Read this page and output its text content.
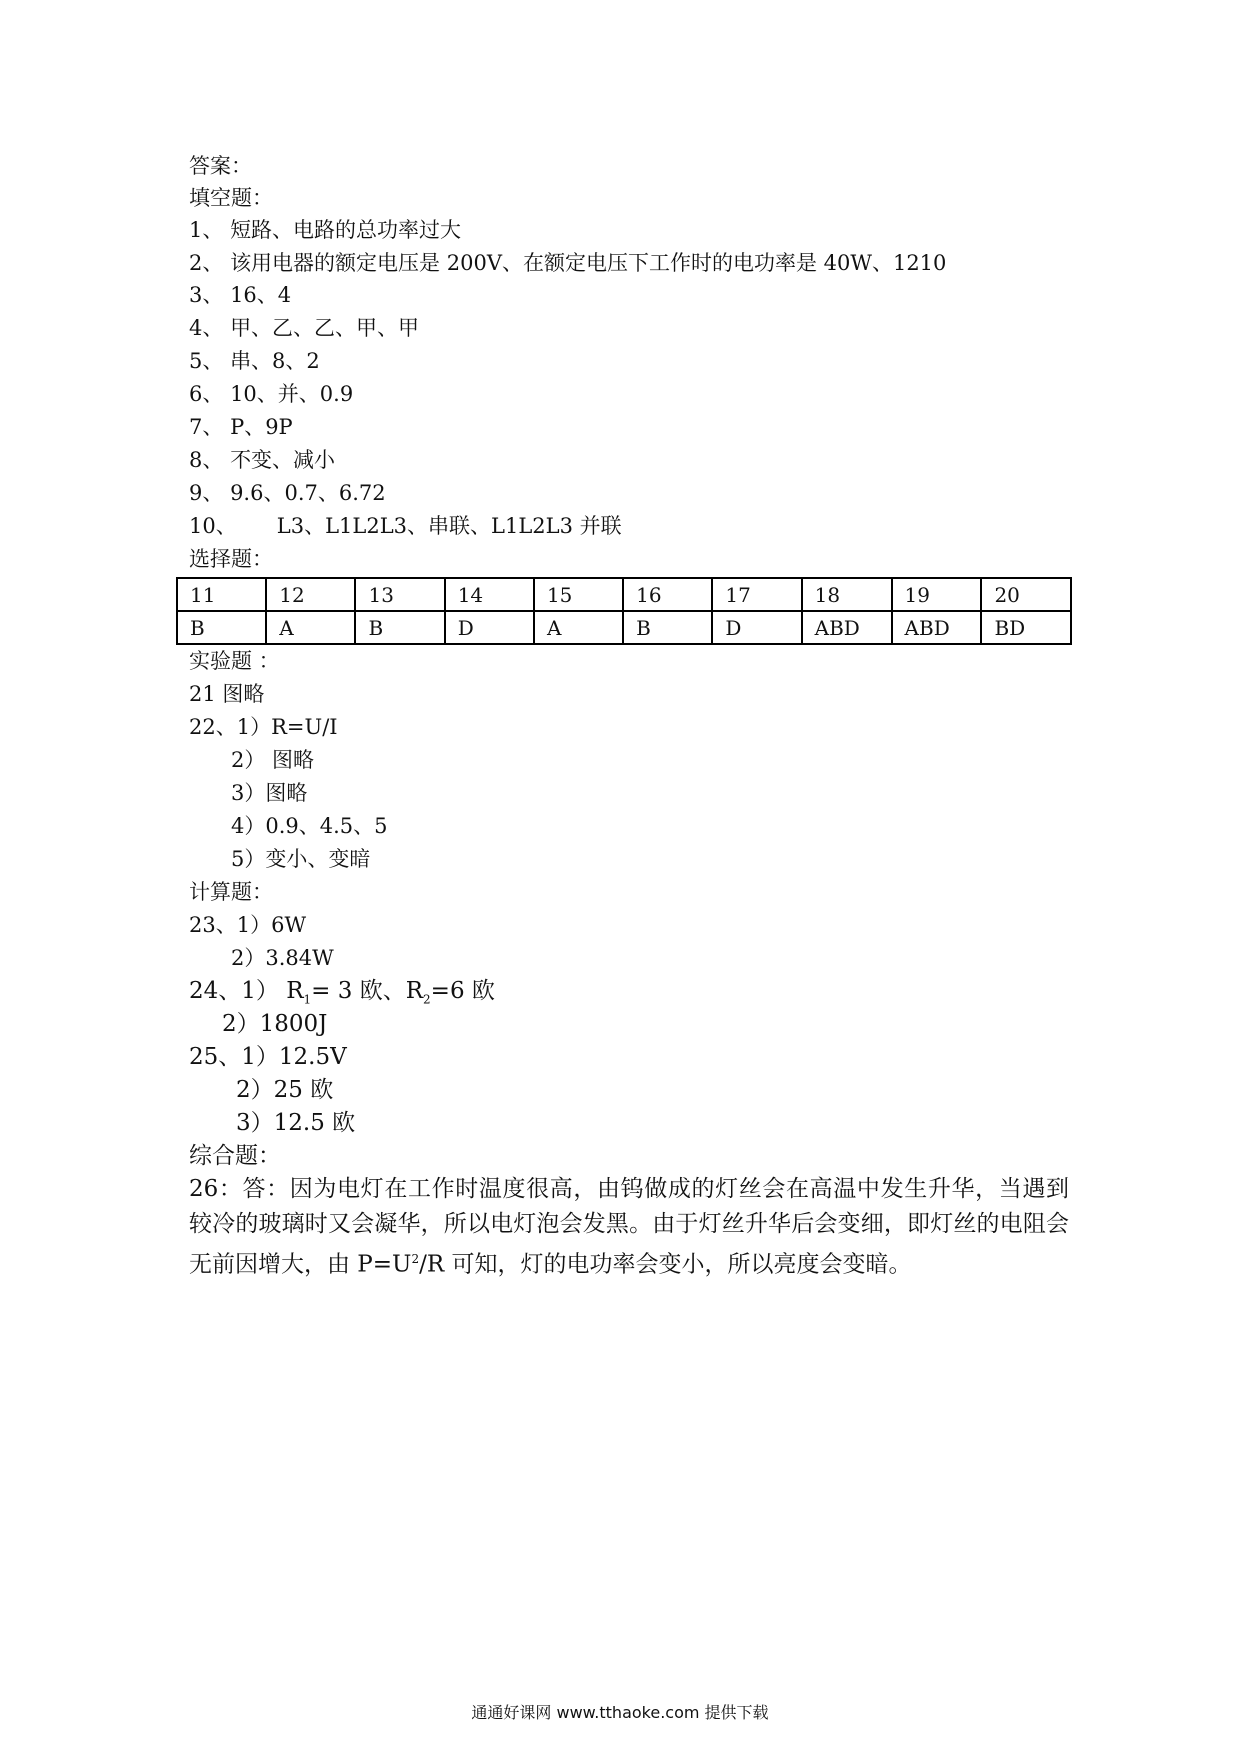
答案：
填空题：
1、 短路、电路的总功率过大
2、 该用电器的额定电压是 200V、在额定电压下工作时的电功率是 40W、1210
3、 16、4
4、 甲、乙、乙、甲、甲
5、 串、8、2
6、 10、并、0.9
7、 P、9P
8、 不变、减小
9、 9.6、0.7、6.72
10、 L3、L1L2L3、串联、L1L2L3 并联
选择题：
11	12	13	14	15	16	17	18	19	20
B	A	B	D	A	B	D	ABD	ABD	BD
实验题 ：
21 图略
22、1）R=U/I
2） 图略
3）图略
4）0.9、4.5、5
5）变小、变暗
计算题：
23、1）6W
2）3.84W
24、1） $R_1= 3$ 欧、$R_2=6$ 欧
2）1800J
25、1）12.5V
2）25 欧
3）12.5 欧
综合题：
26：答：因为电灯在工作时温度很高，由钨做成的灯丝会在高温中发生升华，当遇到较冷的玻璃时又会凝华，所以电灯泡会发黑。由于灯丝升华后会变细，即灯丝的电阻会无前因增大，由 $P=U^2/R$ 可知，灯的电功率会变小，所以亮度会变暗。
通通好课网 www.tthaoke.com 提供下载
